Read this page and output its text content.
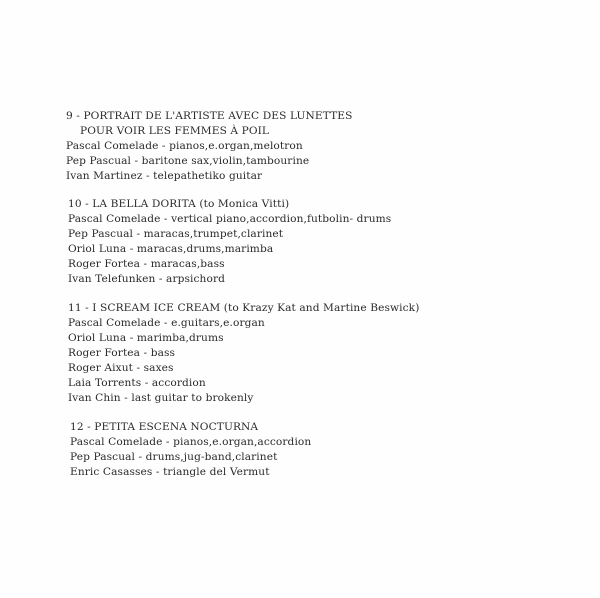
9 - PORTRAIT DE L'ARTISTE AVEC DES LUNETTES
POUR VOIR LES FEMMES À POIL
Pascal Comelade - pianos,e.organ,melotron
Pep Pascual - baritone sax,violin,tambourine
Ivan Martinez - telepathetiko guitar
10 - LA BELLA DORITA (to Monica Vitti)
Pascal Comelade - vertical piano,accordion,futbolin- drums
Pep Pascual - maracas,trumpet,clarinet
Oriol Luna - maracas,drums,marimba
Roger Fortea - maracas,bass
Ivan Telefunken - arpsichord
11 - I SCREAM ICE CREAM (to Krazy Kat and Martine Beswick)
Pascal Comelade - e.guitars,e.organ
Oriol Luna - marimba,drums
Roger Fortea - bass
Roger Aixut - saxes
Laia Torrents - accordion
Ivan Chin - last guitar to brokenly
12 - PETITA ESCENA NOCTURNA
Pascal Comelade - pianos,e.organ,accordion
Pep Pascual - drums,jug-band,clarinet
Enric Casasses - triangle del Vermut
